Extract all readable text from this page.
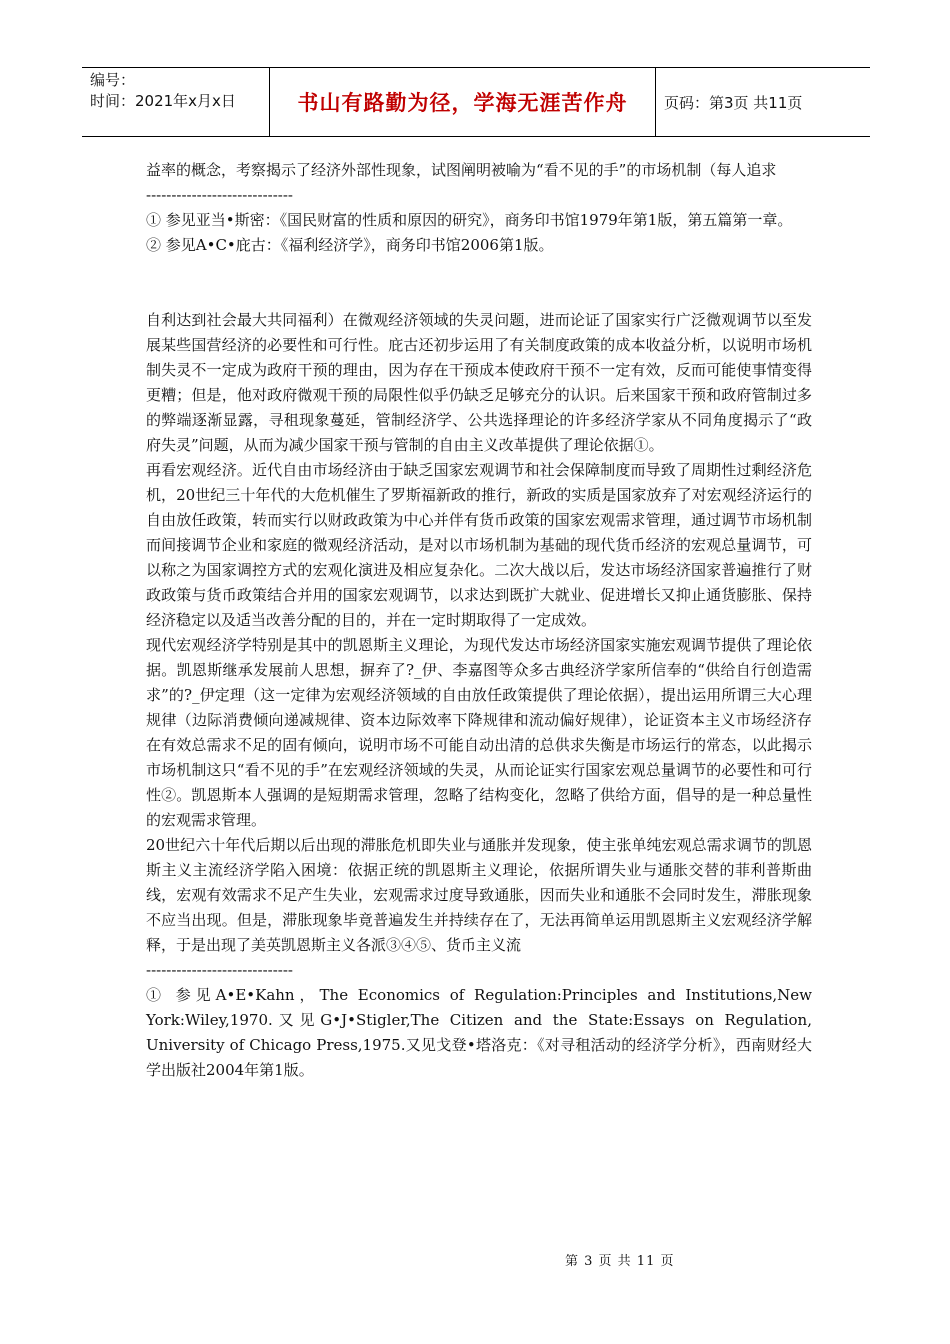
编号：
时间：2021年x月x日	书山有路勤为径，学海无涯苦作舟	页码：第3页 共11页

益率的概念，考察揭示了经济外部性现象，试图阐明被喻为“看不见的手”的市场机制（每人追求

-----------------------------

① 参见亚当•斯密：《国民财富的性质和原因的研究》，商务印书馆1979年第1版，第五篇第一章。

② 参见A•C•庇古：《福利经济学》，商务印书馆2006第1版。

自利达到社会最大共同福利）在微观经济领域的失灵问题，进而论证了国家实行广泛微观调节以至发展某些国营经济的必要性和可行性。庇古还初步运用了有关制度政策的成本收益分析，以说明市场机制失灵不一定成为政府干预的理由，因为存在干预成本使政府干预不一定有效，反而可能使事情变得更糟；但是，他对政府微观干预的局限性似乎仍缺乏足够充分的认识。后来国家干预和政府管制过多的弊端逐渐显露，寻租现象蔓延，管制经济学、公共选择理论的许多经济学家从不同角度揭示了“政府失灵”问题，从而为减少国家干预与管制的自由主义改革提供了理论依据①。

再看宏观经济。近代自由市场经济由于缺乏国家宏观调节和社会保障制度而导致了周期性过剩经济危机，20世纪三十年代的大危机催生了罗斯福新政的推行，新政的实质是国家放弃了对宏观经济运行的自由放任政策，转而实行以财政政策为中心并伴有货币政策的国家宏观需求管理，通过调节市场机制而间接调节企业和家庭的微观经济活动，是对以市场机制为基础的现代货币经济的宏观总量调节，可以称之为国家调控方式的宏观化演进及相应复杂化。二次大战以后，发达市场经济国家普遍推行了财政政策与货币政策结合并用的国家宏观调节，以求达到既扩大就业、促进增长又抑止通货膨胀、保持经济稳定以及适当改善分配的目的，并在一定时期取得了一定成效。

现代宏观经济学特别是其中的凯恩斯主义理论，为现代发达市场经济国家实施宏观调节提供了理论依据。凯恩斯继承发展前人思想，摒弃了?_伊、李嘉图等众多古典经济学家所信奉的“供给自行创造需求”的?_伊定理（这一定律为宏观经济领域的自由放任政策提供了理论依据），提出运用所谓三大心理规律（边际消费倾向递减规律、资本边际效率下降规律和流动偏好规律），论证资本主义市场经济存在有效总需求不足的固有倾向，说明市场不可能自动出清的总供求失衡是市场运行的常态，以此揭示市场机制这只“看不见的手”在宏观经济领域的失灵，从而论证实行国家宏观总量调节的必要性和可行性②。凯恩斯本人强调的是短期需求管理，忽略了结构变化，忽略了供给方面，倡导的是一种总量性的宏观需求管理。

20世纪六十年代后期以后出现的滞胀危机即失业与通胀并发现象，使主张单纯宏观总需求调节的凯恩斯主义主流经济学陷入困境：依据正统的凯恩斯主义理论，依据所谓失业与通胀交替的菲利普斯曲线，宏观有效需求不足产生失业，宏观需求过度导致通胀，因而失业和通胀不会同时发生，滞胀现象不应当出现。但是，滞胀现象毕竟普遍发生并持续存在了，无法再简单运用凯恩斯主义宏观经济学解释，于是出现了美英凯恩斯主义各派③④⑤、货币主义流

-----------------------------

① 参见A•E•Kahn，The Economics of Regulation:Principles and Institutions,New York:Wiley,1970.又见G•J•Stigler,The Citizen and the State:Essays on Regulation, University of Chicago Press,1975.又见戈登•塔洛克：《对寻租活动的经济学分析》，西南财经大学出版社2004年第1版。

第 3 页 共 11 页
